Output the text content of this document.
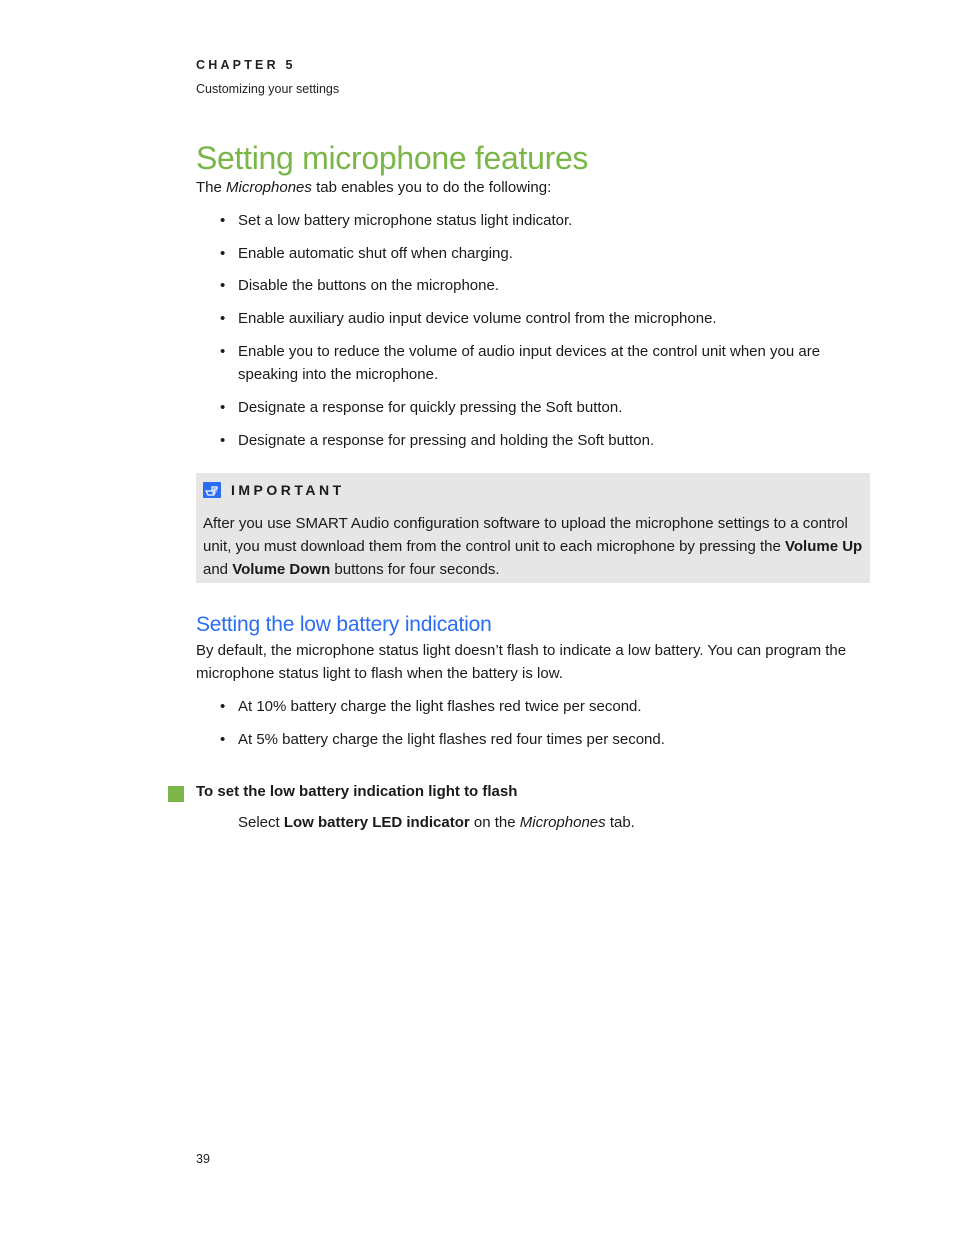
CHAPTER 5
Customizing your settings
Setting microphone features
The Microphones tab enables you to do the following:
• Set a low battery microphone status light indicator.
• Enable automatic shut off when charging.
• Disable the buttons on the microphone.
• Enable auxiliary audio input device volume control from the microphone.
• Enable you to reduce the volume of audio input devices at the control unit when you are speaking into the microphone.
• Designate a response for quickly pressing the Soft button.
• Designate a response for pressing and holding the Soft button.
IMPORTANT
After you use SMART Audio configuration software to upload the microphone settings to a control unit, you must download them from the control unit to each microphone by pressing the Volume Up and Volume Down buttons for four seconds.
Setting the low battery indication
By default, the microphone status light doesn’t flash to indicate a low battery. You can program the microphone status light to flash when the battery is low.
• At 10% battery charge the light flashes red twice per second.
• At 5% battery charge the light flashes red four times per second.
To set the low battery indication light to flash
Select Low battery LED indicator on the Microphones tab.
39
